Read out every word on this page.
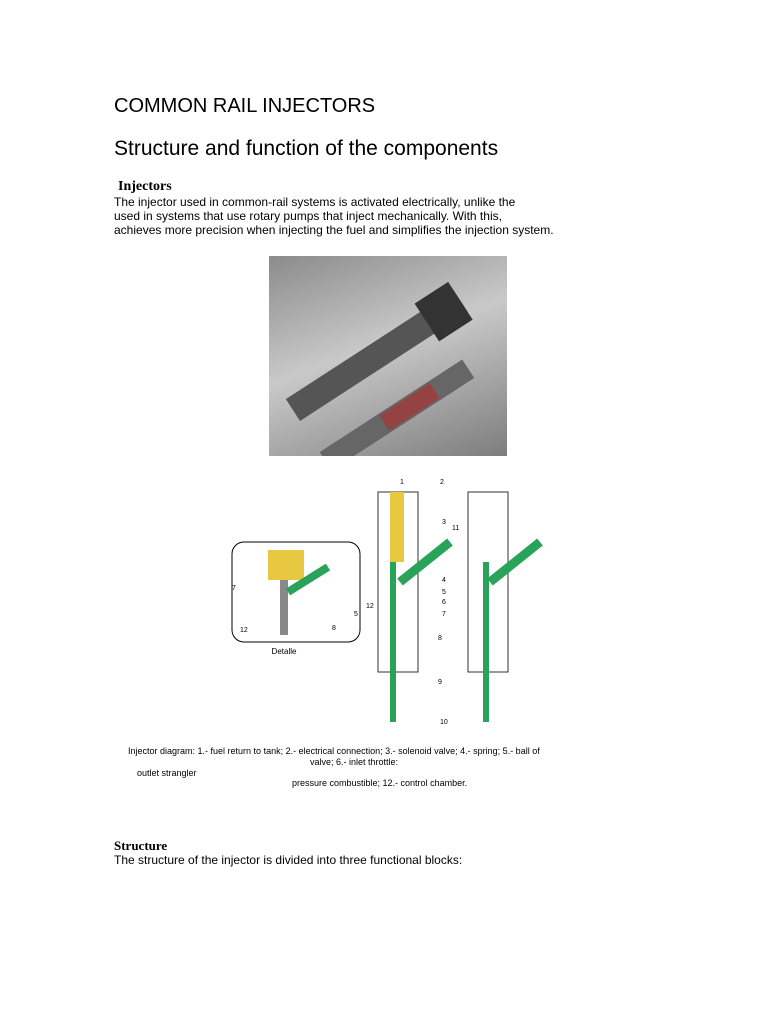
COMMON RAIL INJECTORS
Structure and function of the components
Injectors
The injector used in common-rail systems is activated electrically, unlike the
used in systems that use rotary pumps that inject mechanically. With this,
achieves more precision when injecting the fuel and simplifies the injection system.
Detalle
1	2
3
11
4
5
6
7
12
8
9
10
7
5
12	8
Injector diagram: 1.- fuel return to tank; 2.- electrical connection; 3.- solenoid valve; 4.- spring; 5.- ball of
valve; 6.- inlet throttle:
outlet strangler
pressure combustible; 12.- control chamber.
Structure
The structure of the injector is divided into three functional blocks:
